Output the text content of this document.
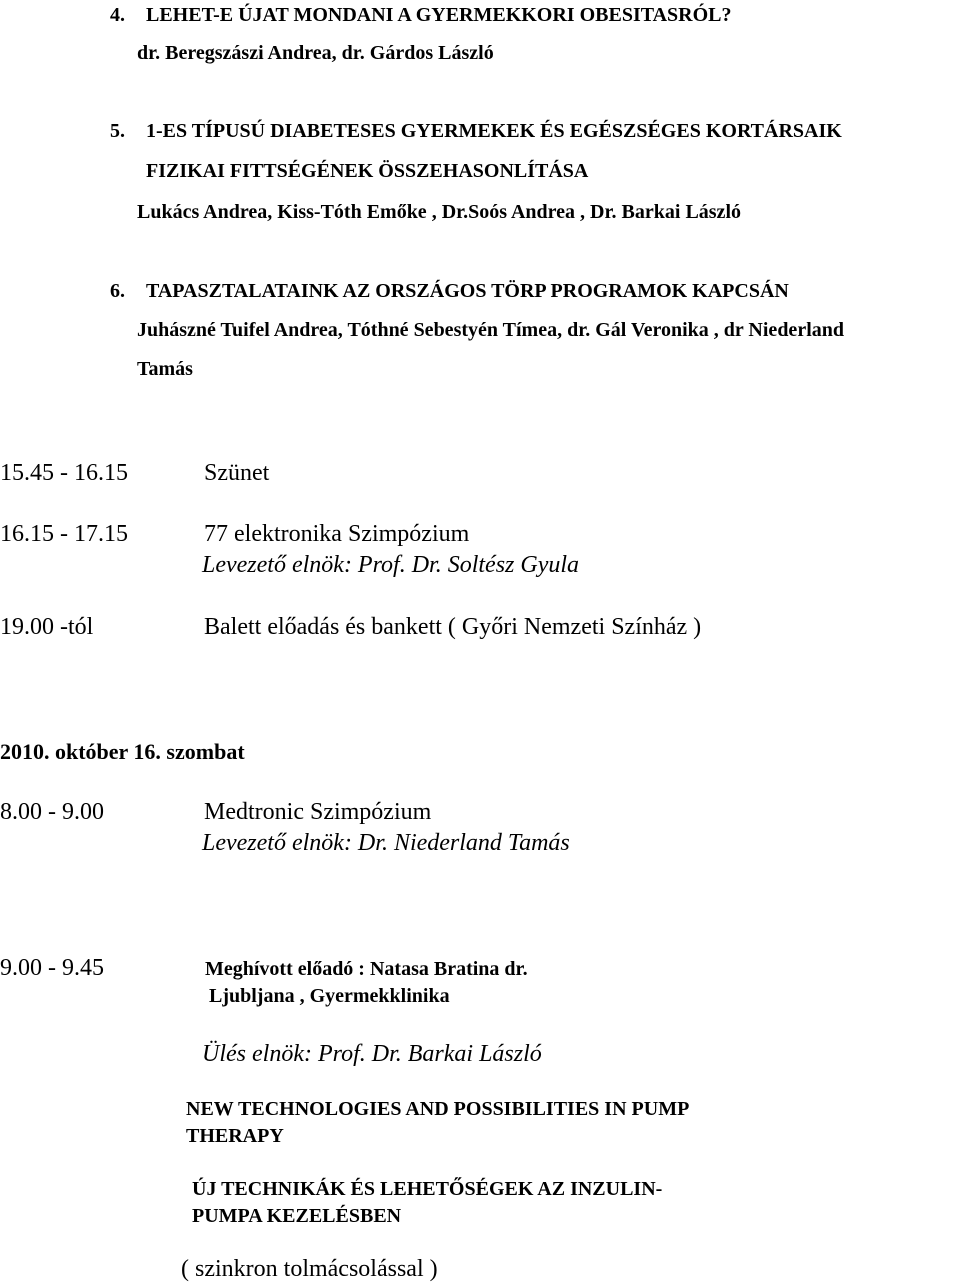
4. LEHET-E ÚJAT MONDANI A GYERMEKKORI OBESITASRÓL?
dr. Beregszászi Andrea, dr. Gárdos László
5. 1-ES TÍPUSÚ DIABETESES GYERMEKEK ÉS EGÉSZSÉGES KORTÁRSAIK
FIZIKAI FITTSÉGÉNEK ÖSSZEHASONLÍTÁSA
Lukács Andrea, Kiss-Tóth Emőke , Dr.Soós Andrea , Dr. Barkai László
6. TAPASZTALATAINK AZ ORSZÁGOS TÖRP PROGRAMOK KAPCSÁN
Juhászné Tuifel Andrea, Tóthné Sebestyén Tímea, dr. Gál Veronika , dr Niederland
Tamás
15.45 - 16.15	Szünet
16.15 - 17.15	77 elektronika Szimpózium
Levezető elnök: Prof. Dr. Soltész Gyula
19.00 -tól	Balett előadás és bankett ( Győri Nemzeti Színház )
2010. október 16. szombat
8.00 - 9.00	Medtronic Szimpózium
Levezető elnök: Dr. Niederland Tamás
9.00 - 9.45	Meghívott előadó : Natasa Bratina dr.
Ljubljana , Gyermekklinika
Ülés elnök: Prof. Dr. Barkai László
NEW TECHNOLOGIES AND POSSIBILITIES IN PUMP
THERAPY
ÚJ TECHNIKÁK ÉS LEHETŐSÉGEK AZ INZULIN-
PUMPA KEZELÉSBEN
( szinkron tolmácsolással )
